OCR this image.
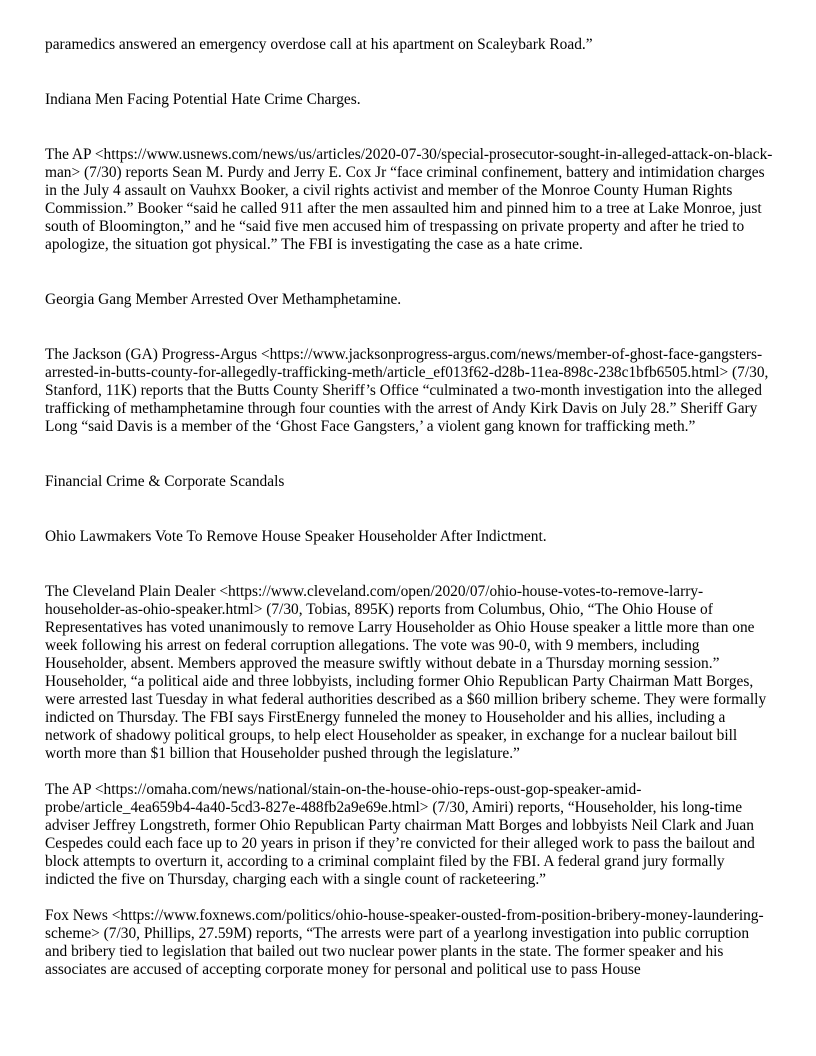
paramedics answered an emergency overdose call at his apartment on Scaleybark Road.”

Indiana Men Facing Potential Hate Crime Charges.

The AP <https://www.usnews.com/news/us/articles/2020-07-30/special-prosecutor-sought-in-alleged-attack-on-black-man> (7/30) reports Sean M. Purdy and Jerry E. Cox Jr “face criminal confinement, battery and intimidation charges in the July 4 assault on Vauhxx Booker, a civil rights activist and member of the Monroe County Human Rights Commission.” Booker “said he called 911 after the men assaulted him and pinned him to a tree at Lake Monroe, just south of Bloomington,” and he “said five men accused him of trespassing on private property and after he tried to apologize, the situation got physical.” The FBI is investigating the case as a hate crime.

Georgia Gang Member Arrested Over Methamphetamine.

The Jackson (GA) Progress-Argus <https://www.jacksonprogress-argus.com/news/member-of-ghost-face-gangsters-arrested-in-butts-county-for-allegedly-trafficking-meth/article_ef013f62-d28b-11ea-898c-238c1bfb6505.html> (7/30, Stanford, 11K) reports that the Butts County Sheriff’s Office “culminated a two-month investigation into the alleged trafficking of methamphetamine through four counties with the arrest of Andy Kirk Davis on July 28.” Sheriff Gary Long “said Davis is a member of the ‘Ghost Face Gangsters,’ a violent gang known for trafficking meth.”

Financial Crime & Corporate Scandals

Ohio Lawmakers Vote To Remove House Speaker Householder After Indictment.

The Cleveland Plain Dealer <https://www.cleveland.com/open/2020/07/ohio-house-votes-to-remove-larry-householder-as-ohio-speaker.html> (7/30, Tobias, 895K) reports from Columbus, Ohio, “The Ohio House of Representatives has voted unanimously to remove Larry Householder as Ohio House speaker a little more than one week following his arrest on federal corruption allegations. The vote was 90-0, with 9 members, including Householder, absent. Members approved the measure swiftly without debate in a Thursday morning session.” Householder, “a political aide and three lobbyists, including former Ohio Republican Party Chairman Matt Borges, were arrested last Tuesday in what federal authorities described as a $60 million bribery scheme. They were formally indicted on Thursday. The FBI says FirstEnergy funneled the money to Householder and his allies, including a network of shadowy political groups, to help elect Householder as speaker, in exchange for a nuclear bailout bill worth more than $1 billion that Householder pushed through the legislature.”

The AP <https://omaha.com/news/national/stain-on-the-house-ohio-reps-oust-gop-speaker-amid-probe/article_4ea659b4-4a40-5cd3-827e-488fb2a9e69e.html> (7/30, Amiri) reports, “Householder, his long-time adviser Jeffrey Longstreth, former Ohio Republican Party chairman Matt Borges and lobbyists Neil Clark and Juan Cespedes could each face up to 20 years in prison if they’re convicted for their alleged work to pass the bailout and block attempts to overturn it, according to a criminal complaint filed by the FBI. A federal grand jury formally indicted the five on Thursday, charging each with a single count of racketeering.”

Fox News <https://www.foxnews.com/politics/ohio-house-speaker-ousted-from-position-bribery-money-laundering-scheme> (7/30, Phillips, 27.59M) reports, “The arrests were part of a yearlong investigation into public corruption and bribery tied to legislation that bailed out two nuclear power plants in the state. The former speaker and his associates are accused of accepting corporate money for personal and political use to pass House
